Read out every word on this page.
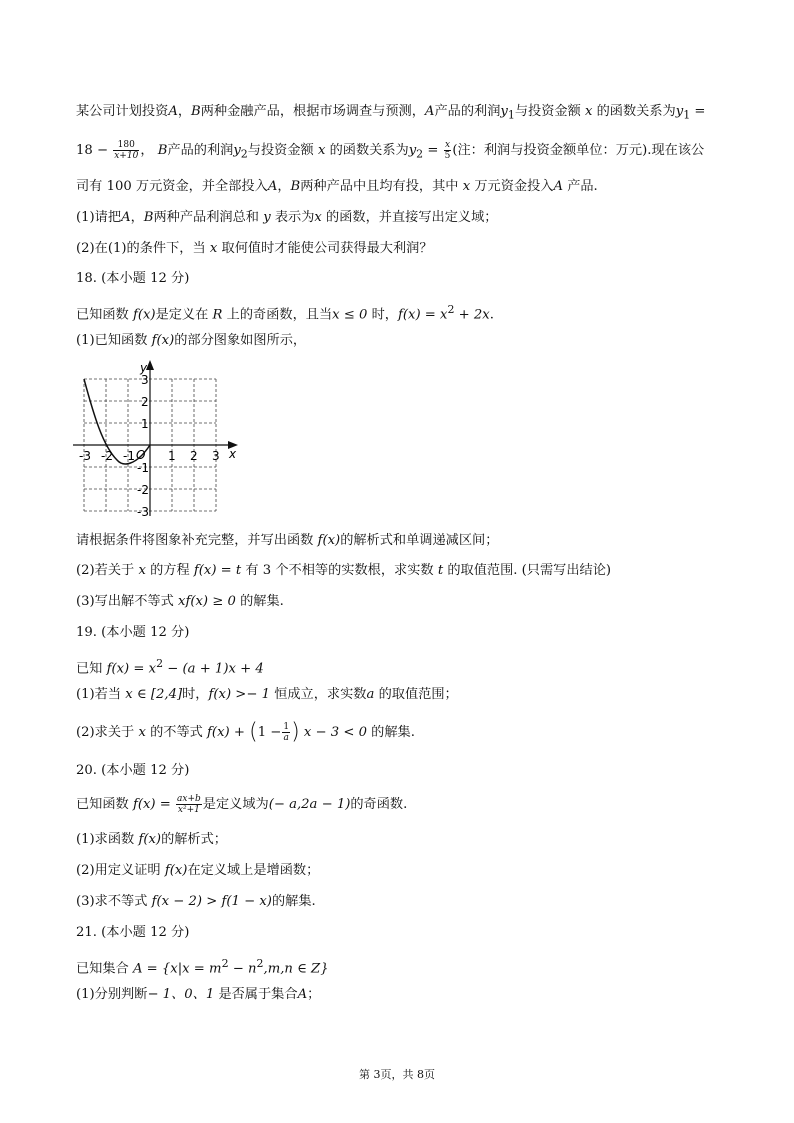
某公司计划投资A，B两种金融产品，根据市场调查与预测，A产品的利润$y_1$与投资金额 x 的函数关系为$y_1$ =
$18 - \frac{180}{x+10}$ ， B产品的利润$y_2$与投资金额 x 的函数关系为$y_2 = \frac{x}{5}$ (注：利润与投资金额单位：万元).现在该公
司有 100 万元资金，并全部投入A，B两种产品中且均有投，其中 x 万元资金投入A 产品.
(1)请把A，B两种产品利润总和 y 表示为x 的函数，并直接写出定义域；
(2)在(1)的条件下，当 x 取何值时才能使公司获得最大利润？
18. (本小题 12 分)
已知函数 f(x)是定义在 R 上的奇函数，且当x ≤ 0 时，$f(x) = x^2 + 2x$.
(1)已知函数 f(x)的部分图象如图所示，
-3 -2 -1	1 2 3
O	x
y
3
2
1
-1
-2
-3
请根据条件将图象补充完整，并写出函数 f(x)的解析式和单调递减区间；
(2)若关于 x 的方程 f(x) = t 有 3 个不相等的实数根，求实数 t 的取值范围. (只需写出结论)
(3)写出解不等式 xf(x) ≥ 0 的解集.
19. (本小题 12 分)
已知 $f(x) = x^2 - (a + 1)x + 4$
(1)若当 x ∈ [2,4]时，f(x) >− 1 恒成立，求实数a 的取值范围；
(2)求关于 x 的不等式 $f(x) + (1 - \frac{1}{a}$ ) x − 3 < 0 的解集.
20. (本小题 12 分)
已知函数 $f(x) = \frac{ax+b}{\text{x²+1}}$ 是定义域为(− a,2a − 1)的奇函数.
(1)求函数 f(x)的解析式；
(2)用定义证明 f(x)在定义域上是增函数；
(3)求不等式 f(x − 2) > f(1 − x)的解集.
21. (本小题 12 分)
已知集合 $A = \{x|x = m^2 - n^2,m,n$ ∈ Z}
(1)分别判断− 1、0、1 是否属于集合A；
第 3页，共 8页
